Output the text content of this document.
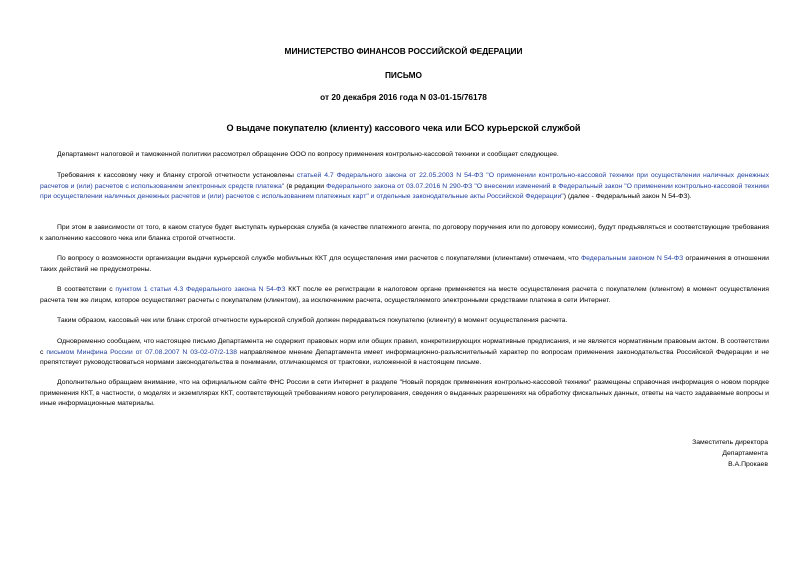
МИНИСТЕРСТВО ФИНАНСОВ РОССИЙСКОЙ ФЕДЕРАЦИИ
ПИСЬМО
от 20 декабря 2016 года N 03-01-15/76178
О выдаче покупателю (клиенту) кассового чека или БСО курьерской службой

Департамент налоговой и таможенной политики рассмотрел обращение ООО по вопросу применения контрольно-кассовой техники и сообщает следующее.

Требования к кассовому чеку и бланку строгой отчетности установлены статьей 4.7 Федерального закона от 22.05.2003 N 54-ФЗ "О применении контрольно-кассовой техники при осуществлении наличных денежных расчетов и (или) расчетов с использованием электронных средств платежа" (в редакции Федерального закона от 03.07.2016 N 290-ФЗ "О внесении изменений в Федеральный закон "О применении контрольно-кассовой техники при осуществлении наличных денежных расчетов и (или) расчетов с использованием платежных карт" и отдельные законодательные акты Российской Федерации") (далее - Федеральный закон N 54-ФЗ).

При этом в зависимости от того, в каком статусе будет выступать курьерская служба (в качестве платежного агента, по договору поручения или по договору комиссии), будут предъявляться и соответствующие требования к заполнению кассового чека или бланка строгой отчетности.

По вопросу о возможности организации выдачи курьерской службе мобильных ККТ для осуществления ими расчетов с покупателями (клиентами) отмечаем, что Федеральным законом N 54-ФЗ ограничения в отношении таких действий не предусмотрены.

В соответствии с пунктом 1 статьи 4.3 Федерального закона N 54-ФЗ ККТ после ее регистрации в налоговом органе применяется на месте осуществления расчета с покупателем (клиентом) в момент осуществления расчета тем же лицом, которое осуществляет расчеты с покупателем (клиентом), за исключением расчета, осуществляемого электронными средствами платежа в сети Интернет.

Таким образом, кассовый чек или бланк строгой отчетности курьерской службой должен передаваться покупателю (клиенту) в момент осуществления расчета.

Одновременно сообщаем, что настоящее письмо Департамента не содержит правовых норм или общих правил, конкретизирующих нормативные предписания, и не является нормативным правовым актом. В соответствии с письмом Минфина России от 07.08.2007 N 03-02-07/2-138 направляемое мнение Департамента имеет информационно-разъяснительный характер по вопросам применения законодательства Российской Федерации и не препятствует руководствоваться нормами законодательства в понимании, отличающемся от трактовки, изложенной в настоящем письме.

Дополнительно обращаем внимание, что на официальном сайте ФНС России в сети Интернет в разделе "Новый порядок применения контрольно-кассовой техники" размещены справочная информация о новом порядке применения ККТ, в частности, о моделях и экземплярах ККТ, соответствующей требованиям нового регулирования, сведения о выданных разрешениях на обработку фискальных данных, ответы на часто задаваемые вопросы и иные информационные материалы.

Заместитель директора
Департамента
В.А.Прокаев
